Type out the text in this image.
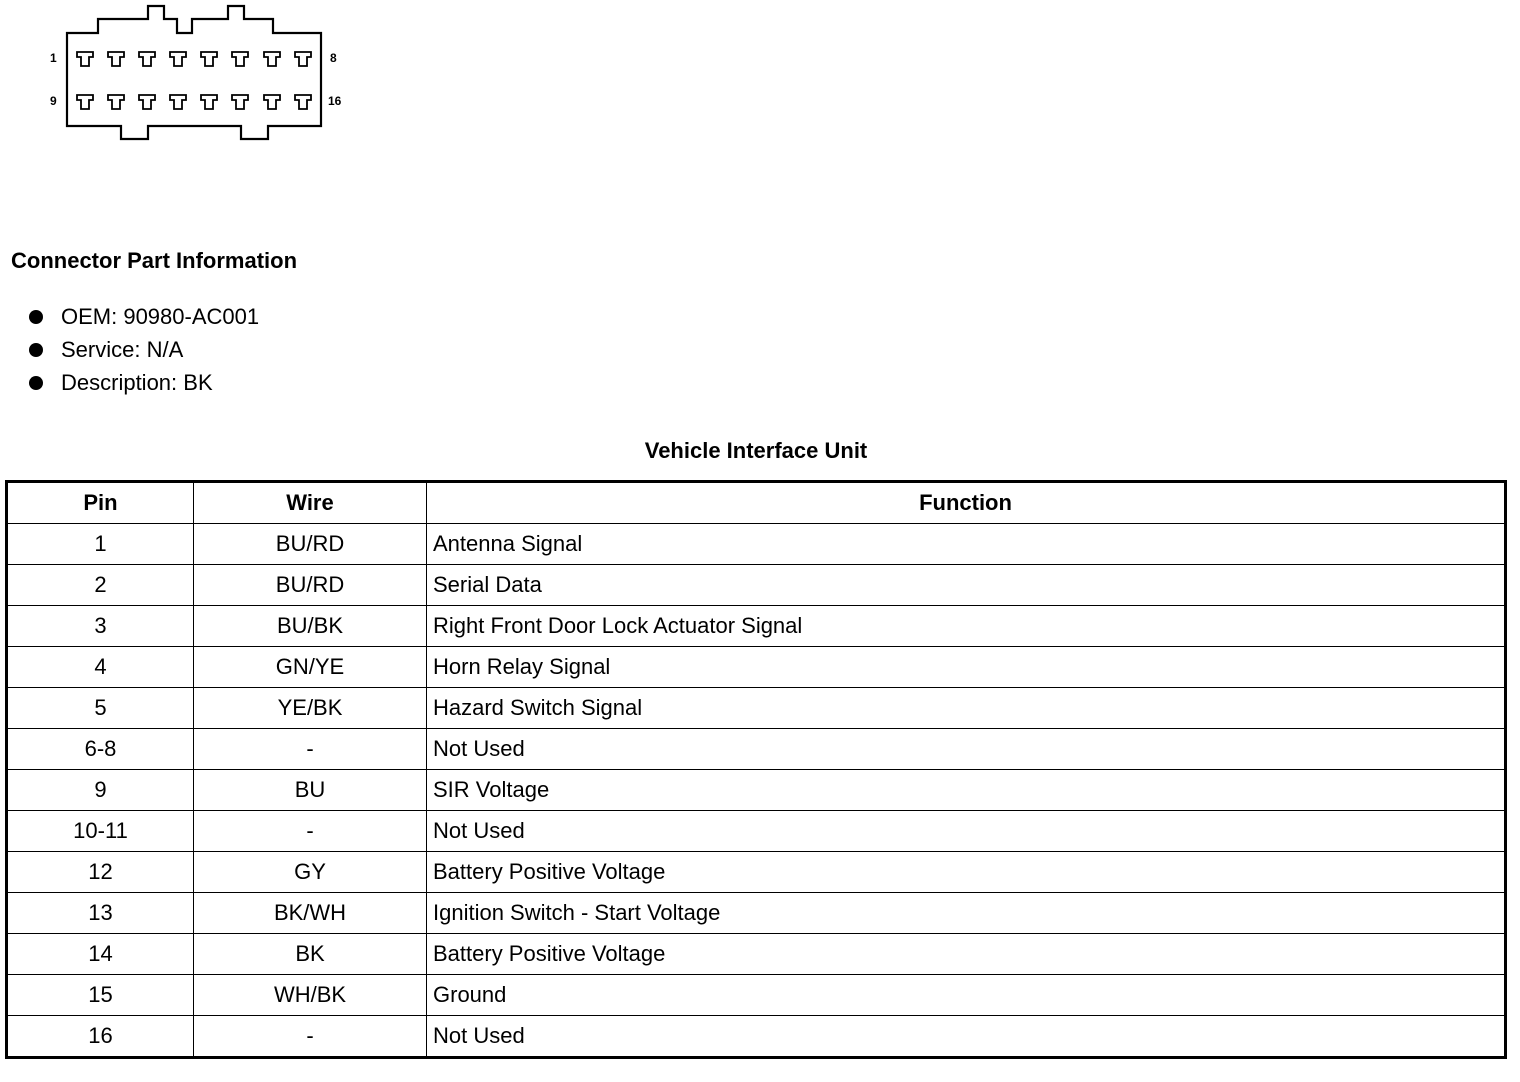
1	8
9	16
Connector Part Information
OEM: 90980-AC001
Service: N/A
Description: BK
Vehicle Interface Unit
Pin	Wire	Function
1	BU/RD	Antenna Signal
2	BU/RD	Serial Data
3	BU/BK	Right Front Door Lock Actuator Signal
4	GN/YE	Horn Relay Signal
5	YE/BK	Hazard Switch Signal
6-8	-	Not Used
9	BU	SIR Voltage
10-11	-	Not Used
12	GY	Battery Positive Voltage
13	BK/WH	Ignition Switch - Start Voltage
14	BK	Battery Positive Voltage
15	WH/BK	Ground
16	-	Not Used
